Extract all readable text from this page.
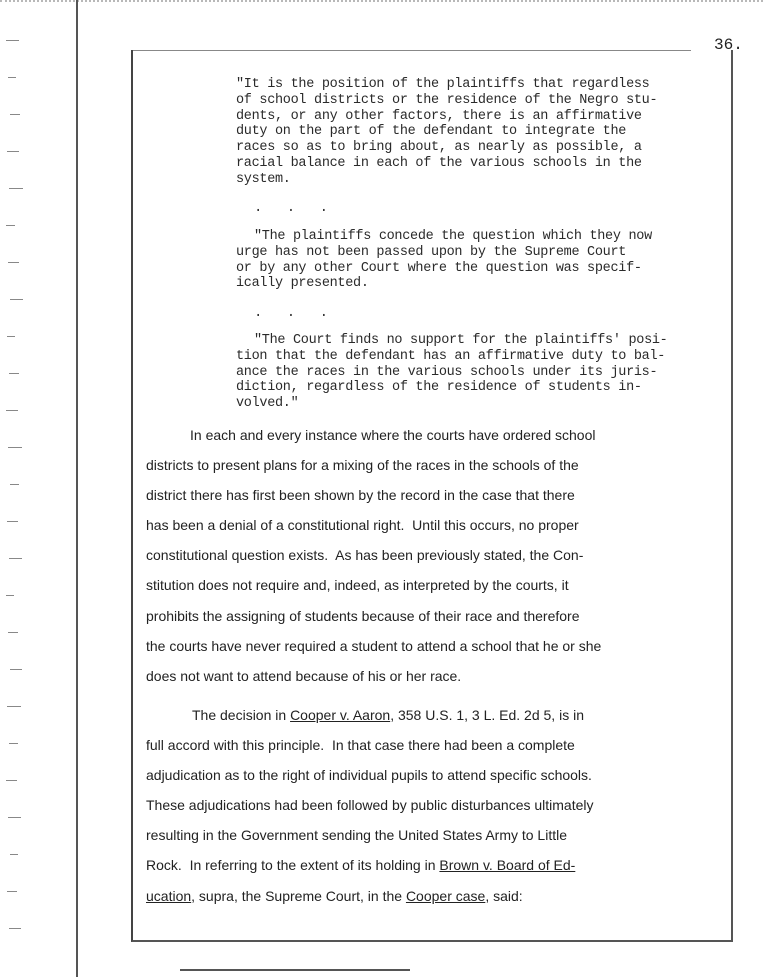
36.
"It is the position of the plaintiffs that regardless
of school districts or the residence of the Negro stu-
dents, or any other factors, there is an affirmative
duty on the part of the defendant to integrate the
races so as to bring about, as nearly as possible, a
racial balance in each of the various schools in the
system.
. . .
"The plaintiffs concede the question which they now
urge has not been passed upon by the Supreme Court
or by any other Court where the question was specif-
ically presented.
. . .
"The Court finds no support for the plaintiffs' posi-
tion that the defendant has an affirmative duty to bal-
ance the races in the various schools under its juris-
diction, regardless of the residence of students in-
volved."
In each and every instance where the courts have ordered school
districts to present plans for a mixing of the races in the schools of the
district there has first been shown by the record in the case that there
has been a denial of a constitutional right.  Until this occurs, no proper
constitutional question exists.  As has been previously stated, the Con-
stitution does not require and, indeed, as interpreted by the courts, it
prohibits the assigning of students because of their race and therefore
the courts have never required a student to attend a school that he or she
does not want to attend because of his or her race.
The decision in Cooper v. Aaron, 358 U.S. 1, 3 L. Ed. 2d 5, is in
full accord with this principle.  In that case there had been a complete
adjudication as to the right of individual pupils to attend specific schools.
These adjudications had been followed by public disturbances ultimately
resulting in the Government sending the United States Army to Little
Rock.  In referring to the extent of its holding in Brown v. Board of Ed-
ucation, supra, the Supreme Court, in the Cooper case, said:
